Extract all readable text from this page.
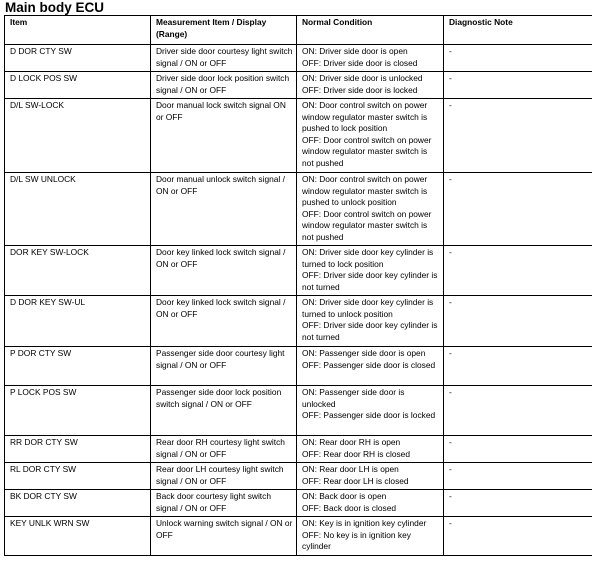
Main body ECU
Item	Measurement Item / Display (Range)	Normal Condition	Diagnostic Note
D DOR CTY SW	Driver side door courtesy light switch signal / ON or OFF	ON: Driver side door is open
OFF: Driver side door is closed	-
D LOCK POS SW	Driver side door lock position switch signal / ON or OFF	ON: Driver side door is unlocked
OFF: Driver side door is locked	-
D/L SW-LOCK	Door manual lock switch signal ON or OFF	ON: Door control switch on power window regulator master switch is pushed to lock position
OFF: Door control switch on power window regulator master switch is not pushed	-
D/L SW UNLOCK	Door manual unlock switch signal / ON or OFF	ON: Door control switch on power window regulator master switch is pushed to unlock position
OFF: Door control switch on power window regulator master switch is not pushed	-
DOR KEY SW-LOCK	Door key linked lock switch signal / ON or OFF	ON: Driver side door key cylinder is turned to lock position
OFF: Driver side door key cylinder is not turned	-
D DOR KEY SW-UL	Door key linked lock switch signal / ON or OFF	ON: Driver side door key cylinder is turned to unlock position
OFF: Driver side door key cylinder is not turned	-
P DOR CTY SW	Passenger side door courtesy light signal / ON or OFF	ON: Passenger side door is open
OFF: Passenger side door is closed	-
P LOCK POS SW	Passenger side door lock position switch signal / ON or OFF	ON: Passenger side door is unlocked
OFF: Passenger side door is locked	-
RR DOR CTY SW	Rear door RH courtesy light switch signal / ON or OFF	ON: Rear door RH is open
OFF: Rear door RH is closed	-
RL DOR CTY SW	Rear door LH courtesy light switch signal / ON or OFF	ON: Rear door LH is open
OFF: Rear door LH is closed	-
BK DOR CTY SW	Back door courtesy light switch signal / ON or OFF	ON: Back door is open
OFF: Back door is closed	-
KEY UNLK WRN SW	Unlock warning switch signal / ON or OFF	ON: Key is in ignition key cylinder
OFF: No key is in ignition key cylinder	-
